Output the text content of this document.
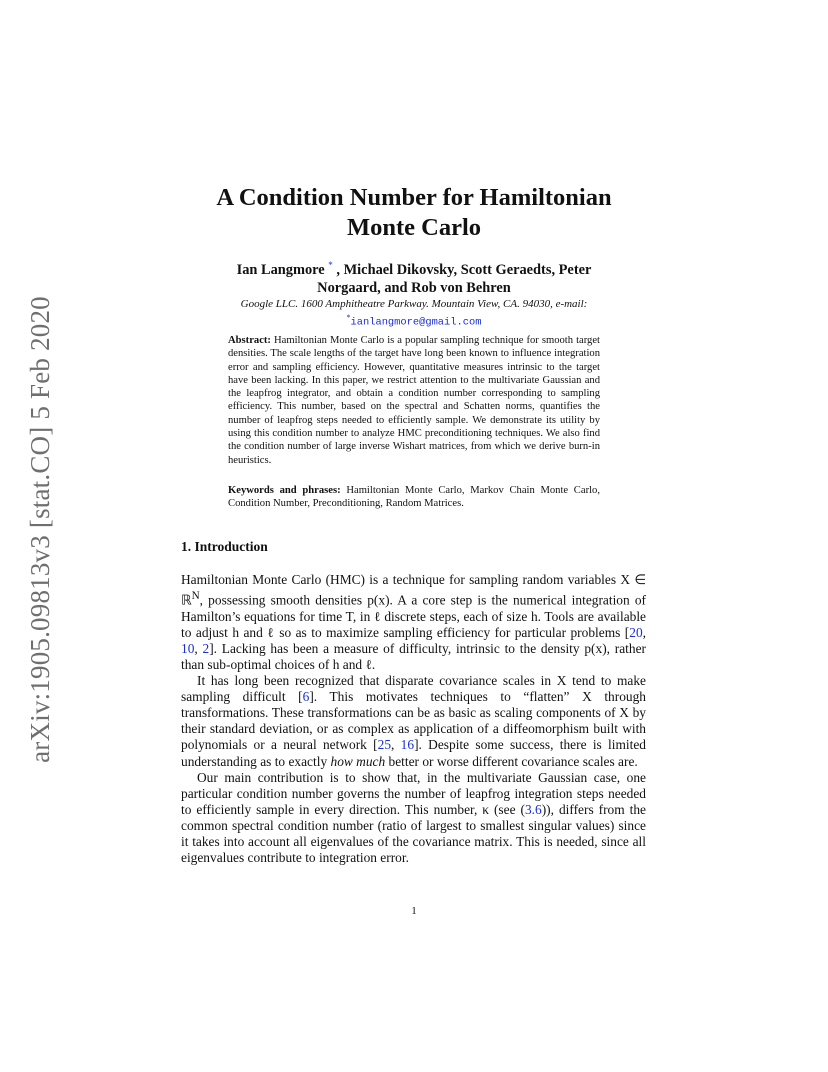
arXiv:1905.09813v3 [stat.CO] 5 Feb 2020
A Condition Number for Hamiltonian
Monte Carlo
Ian Langmore * , Michael Dikovsky, Scott Geraedts, Peter
Norgaard, and Rob von Behren
Google LLC. 1600 Amphitheatre Parkway. Mountain View, CA. 94030, e-mail:
*ianlangmore@gmail.com
Abstract: Hamiltonian Monte Carlo is a popular sampling technique for smooth target densities. The scale lengths of the target have long been known to influence integration error and sampling efficiency. However, quantitative measures intrinsic to the target have been lacking. In this paper, we restrict attention to the multivariate Gaussian and the leapfrog integrator, and obtain a condition number corresponding to sampling efficiency. This number, based on the spectral and Schatten norms, quantifies the number of leapfrog steps needed to efficiently sample. We demonstrate its utility by using this condition number to analyze HMC preconditioning techniques. We also find the condition number of large inverse Wishart matrices, from which we derive burn-in heuristics.
Keywords and phrases: Hamiltonian Monte Carlo, Markov Chain Monte Carlo, Condition Number, Preconditioning, Random Matrices.
1. Introduction

Hamiltonian Monte Carlo (HMC) is a technique for sampling random variables X ∈ ℝ$^N$, possessing smooth densities p(x). A a core step is the numerical integration of Hamilton’s equations for time T, in ℓ discrete steps, each of size h. Tools are available to adjust h and ℓ so as to maximize sampling efficiency for particular problems [20, 10, 2]. Lacking has been a measure of difficulty, intrinsic to the density p(x), rather than sub-optimal choices of h and ℓ.

It has long been recognized that disparate covariance scales in X tend to make sampling difficult [6]. This motivates techniques to “flatten” X through transformations. These transformations can be as basic as scaling components of X by their standard deviation, or as complex as application of a diffeomorphism built with polynomials or a neural network [25, 16]. Despite some success, there is limited understanding as to exactly how much better or worse different covariance scales are.

Our main contribution is to show that, in the multivariate Gaussian case, one particular condition number governs the number of leapfrog integration steps needed to efficiently sample in every direction. This number, κ (see (3.6)), differs from the common spectral condition number (ratio of largest to smallest singular values) since it takes into account all eigenvalues of the covariance matrix. This is needed, since all eigenvalues contribute to integration error.

1
